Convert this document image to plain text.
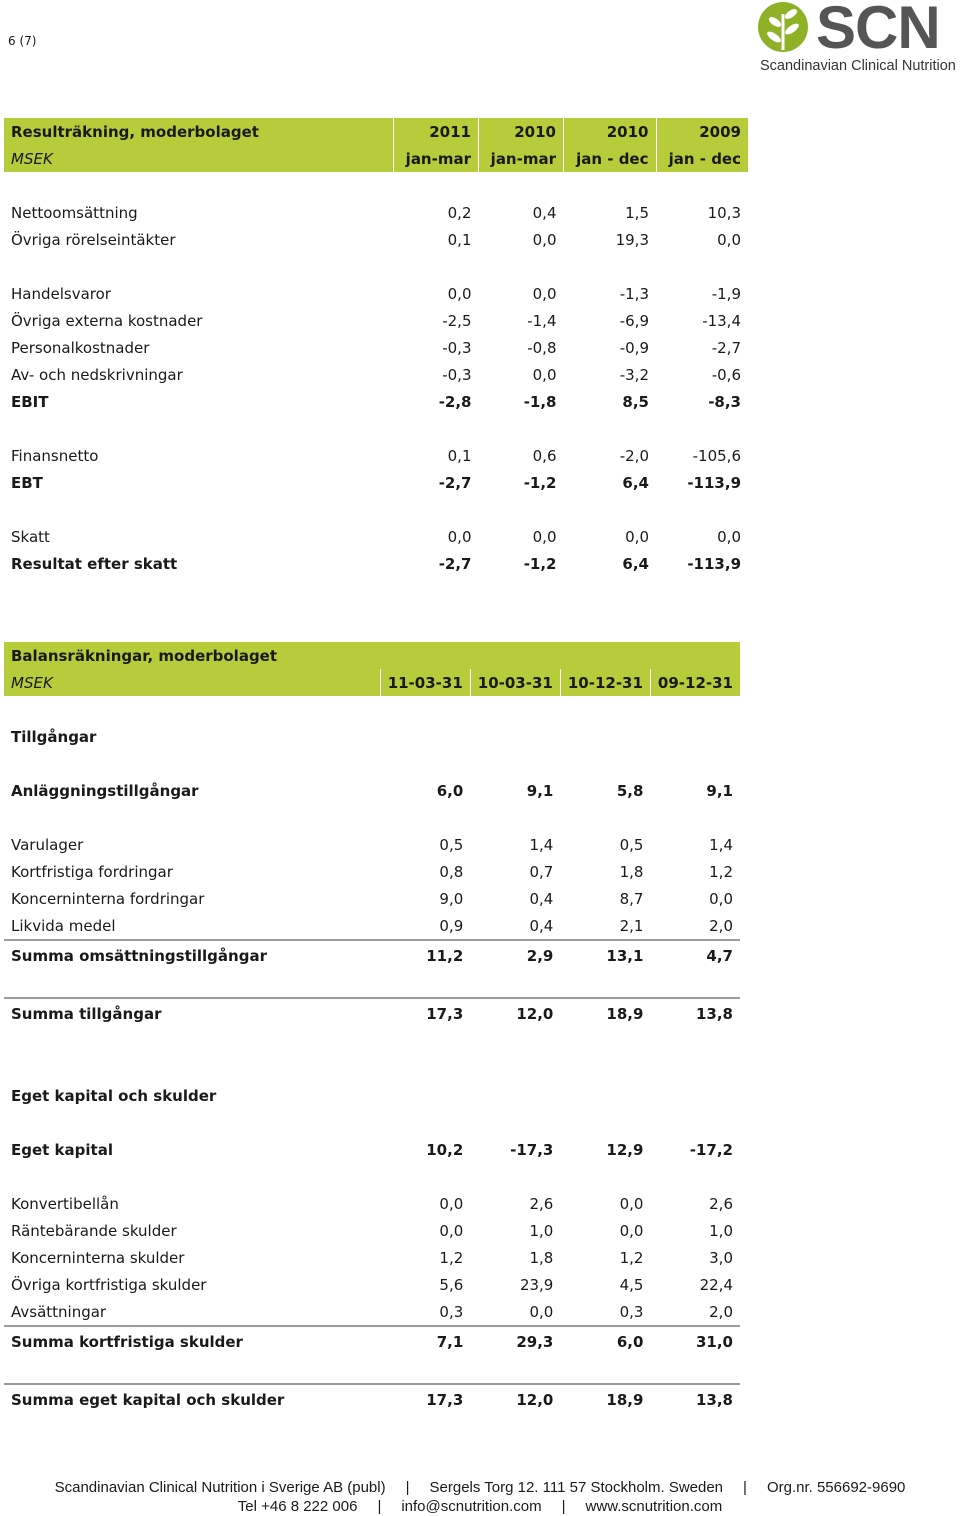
6 (7)	SCN
Scandinavian Clinical Nutrition
Resulträkning, moderbolaget	2011	2010	2010	2009
MSEK	jan-mar	jan-mar	jan - dec	jan - dec

Nettoomsättning	0,2	0,4	1,5	10,3
Övriga rörelseintäkter	0,1	0,0	19,3	0,0

Handelsvaror	0,0	0,0	-1,3	-1,9
Övriga externa kostnader	-2,5	-1,4	-6,9	-13,4
Personalkostnader	-0,3	-0,8	-0,9	-2,7
Av- och nedskrivningar	-0,3	0,0	-3,2	-0,6
EBIT	-2,8	-1,8	8,5	-8,3

Finansnetto	0,1	0,6	-2,0	-105,6
EBT	-2,7	-1,2	6,4	-113,9

Skatt	0,0	0,0	0,0	0,0
Resultat efter skatt	-2,7	-1,2	6,4	-113,9
Balansräkningar, moderbolaget				
MSEK	11-03-31	10-03-31	10-12-31	09-12-31

Tillgångar				

Anläggningstillgångar	6,0	9,1	5,8	9,1

Varulager	0,5	1,4	0,5	1,4
Kortfristiga fordringar	0,8	0,7	1,8	1,2
Koncerninterna fordringar	9,0	0,4	8,7	0,0
Likvida medel	0,9	0,4	2,1	2,0
Summa omsättningstillgångar	11,2	2,9	13,1	4,7

Summa tillgångar	17,3	12,0	18,9	13,8

Eget kapital och skulder				

Eget kapital	10,2	-17,3	12,9	-17,2

Konvertibellån	0,0	2,6	0,0	2,6
Räntebärande skulder	0,0	1,0	0,0	1,0
Koncerninterna skulder	1,2	1,8	1,2	3,0
Övriga kortfristiga skulder	5,6	23,9	4,5	22,4
Avsättningar	0,3	0,0	0,3	2,0
Summa kortfristiga skulder	7,1	29,3	6,0	31,0

Summa eget kapital och skulder	17,3	12,0	18,9	13,8
Scandinavian Clinical Nutrition i Sverige AB (publ) | Sergels Torg 12. 111 57 Stockholm. Sweden | Org.nr. 556692-9690
Tel +46 8 222 006 | info@scnutrition.com | www.scnutrition.com
